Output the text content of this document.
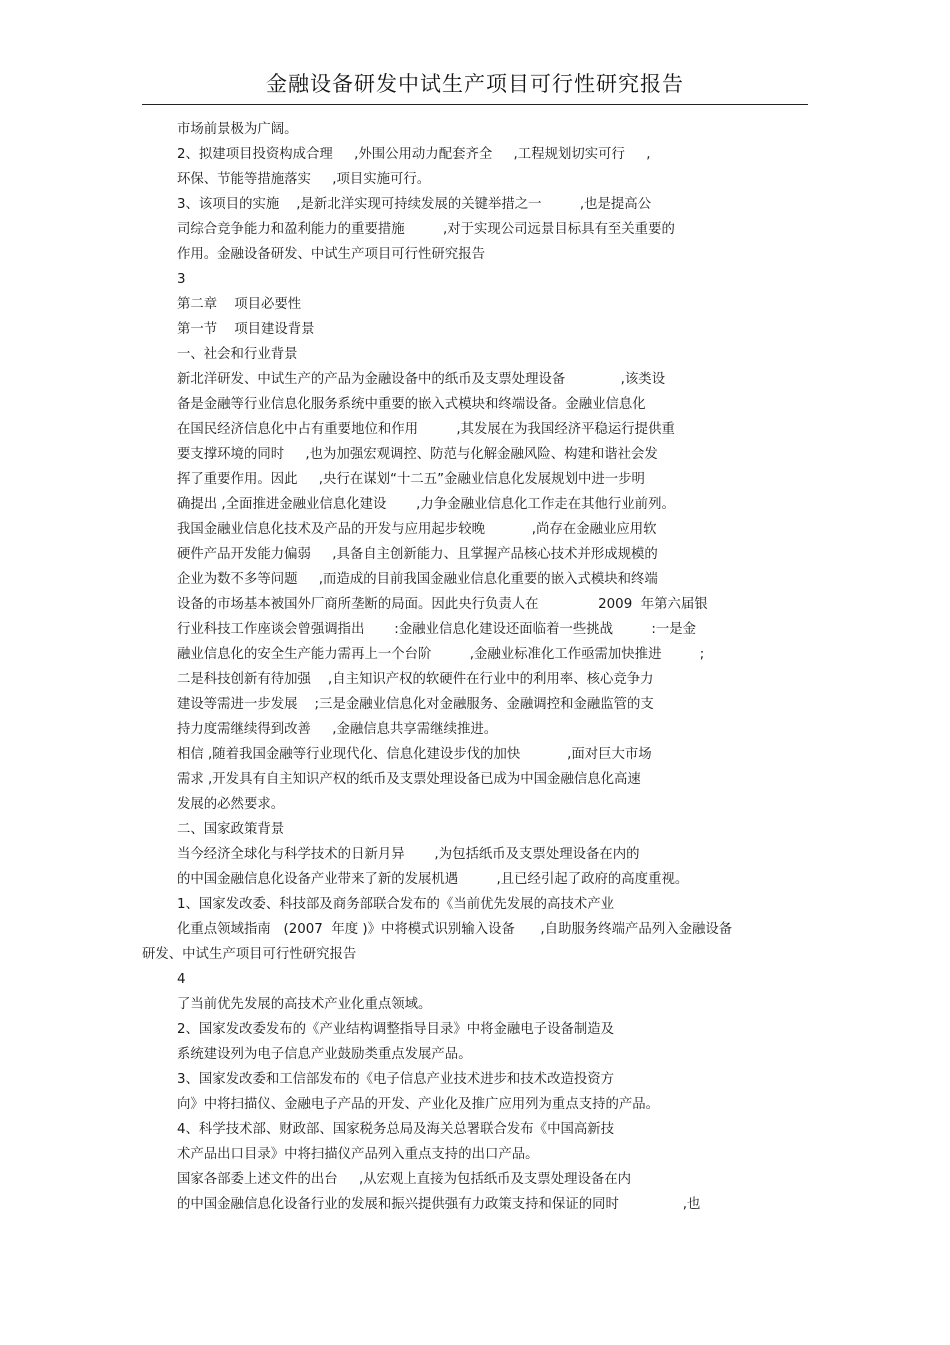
金融设备研发中试生产项目可行性研究报告
市场前景极为广阔。
2、拟建项目投资构成合理     ,外围公用动力配套齐全     ,工程规划切实可行     ,
环保、节能等措施落实     ,项目实施可行。
3、该项目的实施    ,是新北洋实现可持续发展的关键举措之一         ,也是提高公
司综合竞争能力和盈利能力的重要措施         ,对于实现公司远景目标具有至关重要的
作用。金融设备研发、中试生产项目可行性研究报告
3
第二章    项目必要性
第一节    项目建设背景
一、社会和行业背景
新北洋研发、中试生产的产品为金融设备中的纸币及支票处理设备             ,该类设
备是金融等行业信息化服务系统中重要的嵌入式模块和终端设备。金融业信息化
在国民经济信息化中占有重要地位和作用         ,其发展在为我国经济平稳运行提供重
要支撑环境的同时     ,也为加强宏观调控、防范与化解金融风险、构建和谐社会发
挥了重要作用。因此     ,央行在谋划“十二五”金融业信息化发展规划中进一步明
确提出 ,全面推进金融业信息化建设       ,力争金融业信息化工作走在其他行业前列。
我国金融业信息化技术及产品的开发与应用起步较晚           ,尚存在金融业应用软
硬件产品开发能力偏弱     ,具备自主创新能力、且掌握产品核心技术并形成规模的
企业为数不多等问题     ,而造成的目前我国金融业信息化重要的嵌入式模块和终端
设备的市场基本被国外厂商所垄断的局面。因此央行负责人在              2009  年第六届银
行业科技工作座谈会曾强调指出       :金融业信息化建设还面临着一些挑战         :一是金
融业信息化的安全生产能力需再上一个台阶         ,金融业标准化工作亟需加快推进         ;
二是科技创新有待加强    ,自主知识产权的软硬件在行业中的利用率、核心竞争力
建设等需进一步发展    ;三是金融业信息化对金融服务、金融调控和金融监管的支
持力度需继续得到改善     ,金融信息共享需继续推进。
相信 ,随着我国金融等行业现代化、信息化建设步伐的加快           ,面对巨大市场
需求 ,开发具有自主知识产权的纸币及支票处理设备已成为中国金融信息化高速
发展的必然要求。
二、国家政策背景
当今经济全球化与科学技术的日新月异       ,为包括纸币及支票处理设备在内的
的中国金融信息化设备产业带来了新的发展机遇         ,且已经引起了政府的高度重视。
1、国家发改委、科技部及商务部联合发布的《当前优先发展的高技术产业
化重点领域指南   (2007  年度 )》中将模式识别输入设备      ,自助服务终端产品列入金融设备
研发、中试生产项目可行性研究报告
4
了当前优先发展的高技术产业化重点领域。
2、国家发改委发布的《产业结构调整指导目录》中将金融电子设备制造及
系统建设列为电子信息产业鼓励类重点发展产品。
3、国家发改委和工信部发布的《电子信息产业技术进步和技术改造投资方
向》中将扫描仪、金融电子产品的开发、产业化及推广应用列为重点支持的产品。
4、科学技术部、财政部、国家税务总局及海关总署联合发布《中国高新技
术产品出口目录》中将扫描仪产品列入重点支持的出口产品。
国家各部委上述文件的出台     ,从宏观上直接为包括纸币及支票处理设备在内
的中国金融信息化设备行业的发展和振兴提供强有力政策支持和保证的同时               ,也
